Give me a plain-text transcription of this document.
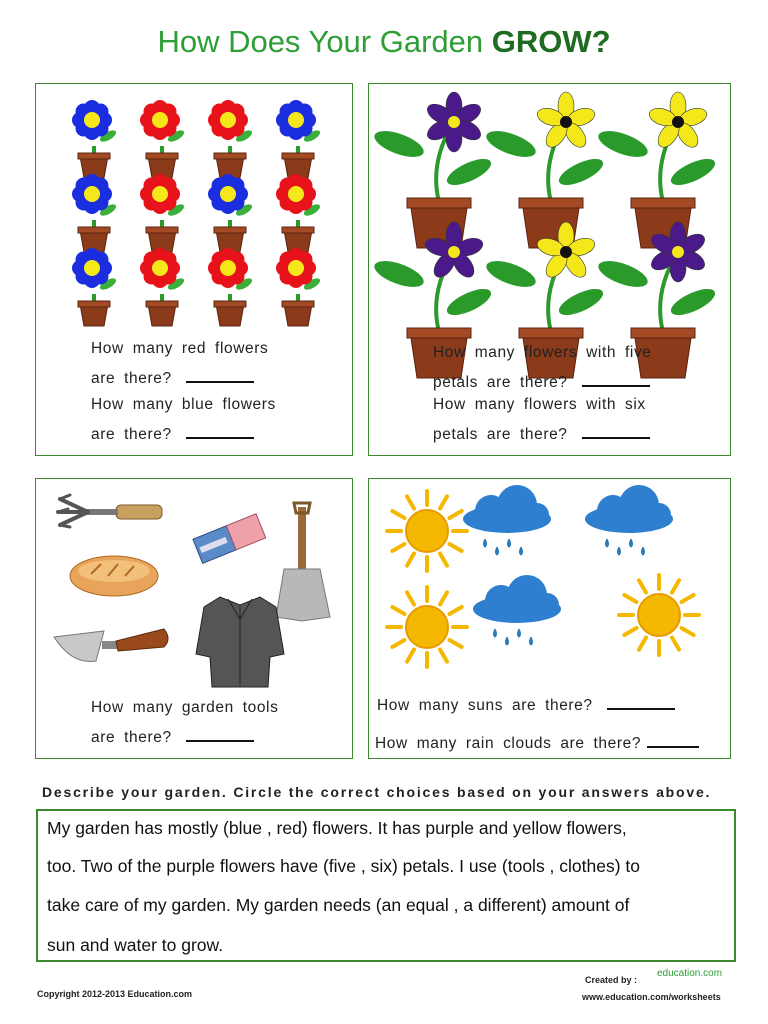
How Does Your Garden GROW?
How many red flowers
are there?
How many blue flowers
are there?
How many flowers with five
petals are there?
How many flowers with six
petals are there?
How many garden tools
are there?
How many suns are there?
How many rain clouds are there?
Describe your garden. Circle the correct choices based on your answers above.
My garden has mostly (blue , red) flowers. It has purple and yellow flowers,
too. Two of the purple flowers have (five , six) petals. I use (tools , clothes) to
take care of my garden. My garden needs (an equal , a different) amount of
sun and water to grow.
Copyright 2012-2013 Education.com
Created by :
education.com
www.education.com/worksheets
